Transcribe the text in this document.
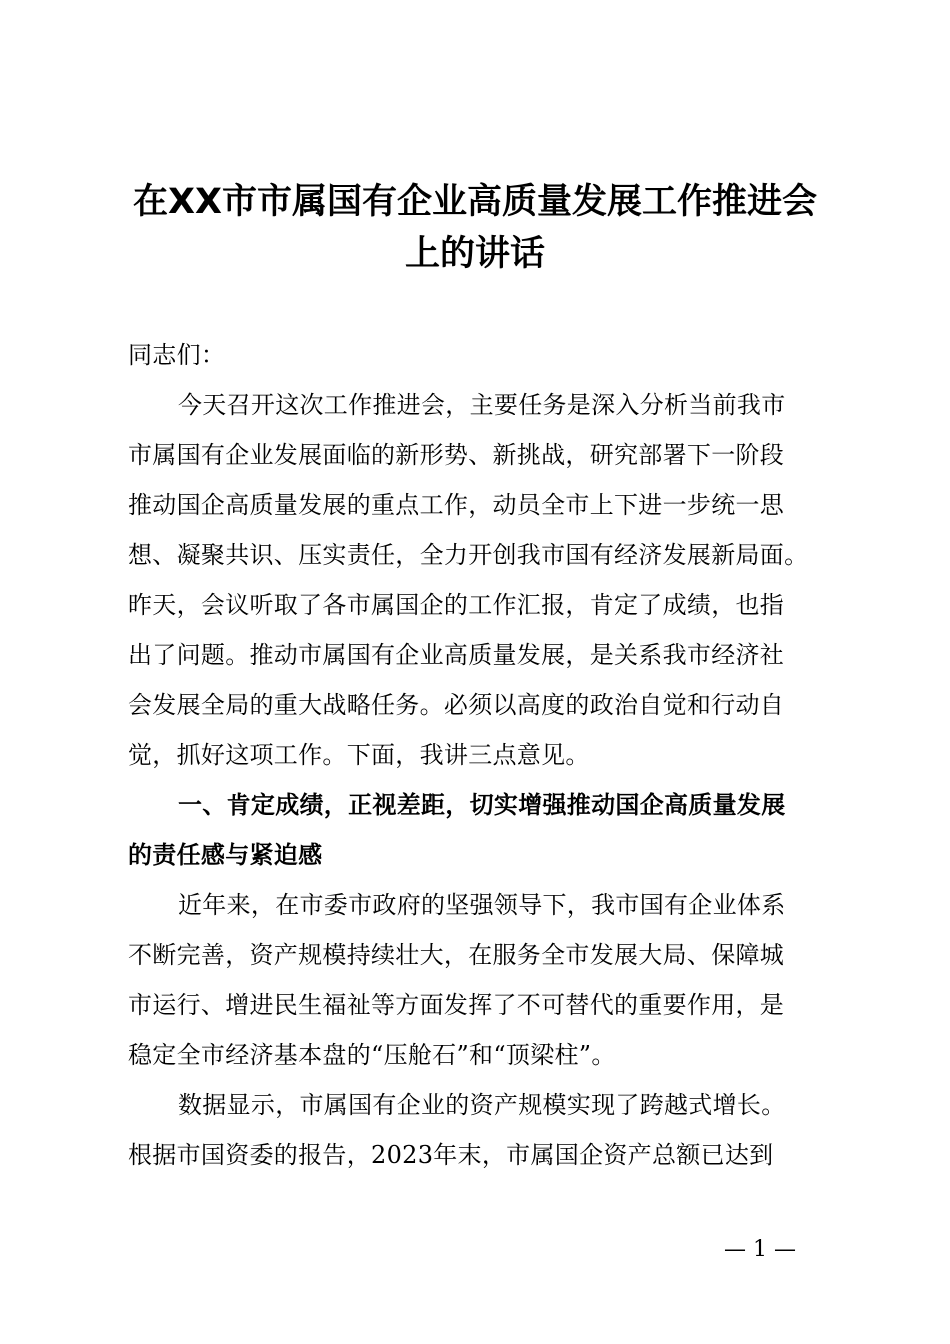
在XX市市属国有企业高质量发展工作推进会
上的讲话
同志们：
今天召开这次工作推进会，主要任务是深入分析当前我市
市属国有企业发展面临的新形势、新挑战，研究部署下一阶段
推动国企高质量发展的重点工作，动员全市上下进一步统一思
想、凝聚共识、压实责任，全力开创我市国有经济发展新局面。
昨天，会议听取了各市属国企的工作汇报，肯定了成绩，也指
出了问题。推动市属国有企业高质量发展，是关系我市经济社
会发展全局的重大战略任务。必须以高度的政治自觉和行动自
觉，抓好这项工作。下面，我讲三点意见。
一、肯定成绩，正视差距，切实增强推动国企高质量发展
的责任感与紧迫感
近年来，在市委市政府的坚强领导下，我市国有企业体系
不断完善，资产规模持续壮大，在服务全市发展大局、保障城
市运行、增进民生福祉等方面发挥了不可替代的重要作用，是
稳定全市经济基本盘的“压舱石”和“顶梁柱”。
数据显示，市属国有企业的资产规模实现了跨越式增长。
根据市国资委的报告，2023年末，市属国企资产总额已达到
— 1 —
